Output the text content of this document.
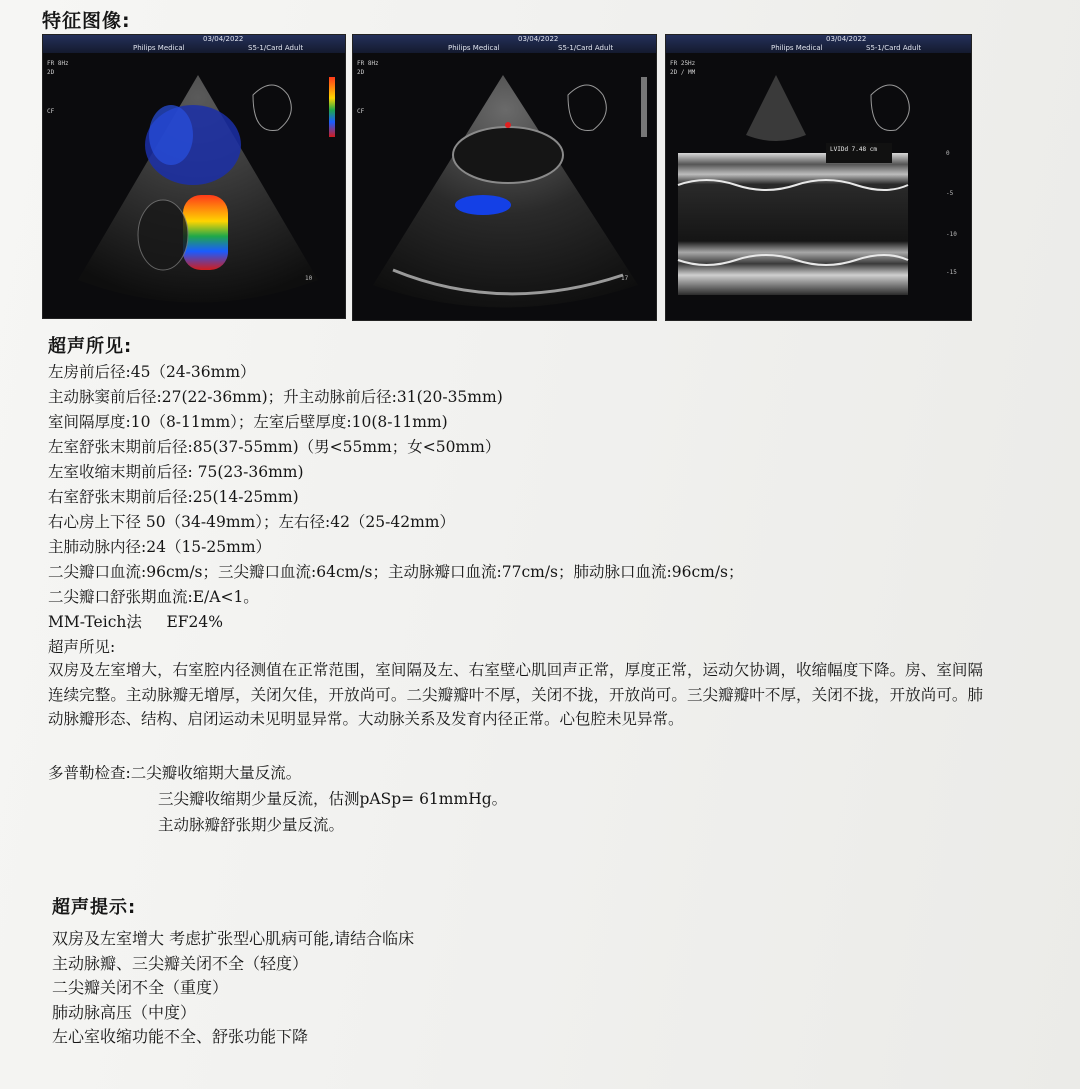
特征图像:
03/04/2022
Philips Medical	S5-1/Card Adult
FR 8Hz
2D
CF
10
03/04/2022
Philips Medical	S5-1/Card Adult
FR 8Hz
2D
CF
17
03/04/2022
Philips Medical	S5-1/Card Adult
FR 25Hz
2D / MM
LVIDd 7.48 cm
0
-5
-10
-15
超声所见:
左房前后径:45（24-36mm）
主动脉窦前后径:27(22-36mm)；升主动脉前后径:31(20-35mm)
室间隔厚度:10（8-11mm）；左室后壁厚度:10(8-11mm)
左室舒张末期前后径:85(37-55mm)（男<55mm；女<50mm）
左室收缩末期前后径: 75(23-36mm)
右室舒张末期前后径:25(14-25mm)
右心房上下径 50（34-49mm）；左右径:42（25-42mm）
主肺动脉内径:24（15-25mm）
二尖瓣口血流:96cm/s；三尖瓣口血流:64cm/s；主动脉瓣口血流:77cm/s；肺动脉口血流:96cm/s；
二尖瓣口舒张期血流:E/A<1。
MM-Teich法     EF24%
超声所见:

双房及左室增大，右室腔内径测值在正常范围，室间隔及左、右室壁心肌回声正常，厚度正常，运动欠协调，收缩幅度下降。房、室间隔连续完整。主动脉瓣无增厚，关闭欠佳，开放尚可。二尖瓣瓣叶不厚，关闭不拢，开放尚可。三尖瓣瓣叶不厚，关闭不拢，开放尚可。肺动脉瓣形态、结构、启闭运动未见明显异常。大动脉关系及发育内径正常。心包腔未见异常。

多普勒检查:二尖瓣收缩期大量反流。
三尖瓣收缩期少量反流，估测pASp= 61mmHg。
主动脉瓣舒张期少量反流。
超声提示:
双房及左室增大 考虑扩张型心肌病可能,请结合临床
主动脉瓣、三尖瓣关闭不全（轻度）
二尖瓣关闭不全（重度）
肺动脉高压（中度）
左心室收缩功能不全、舒张功能下降
